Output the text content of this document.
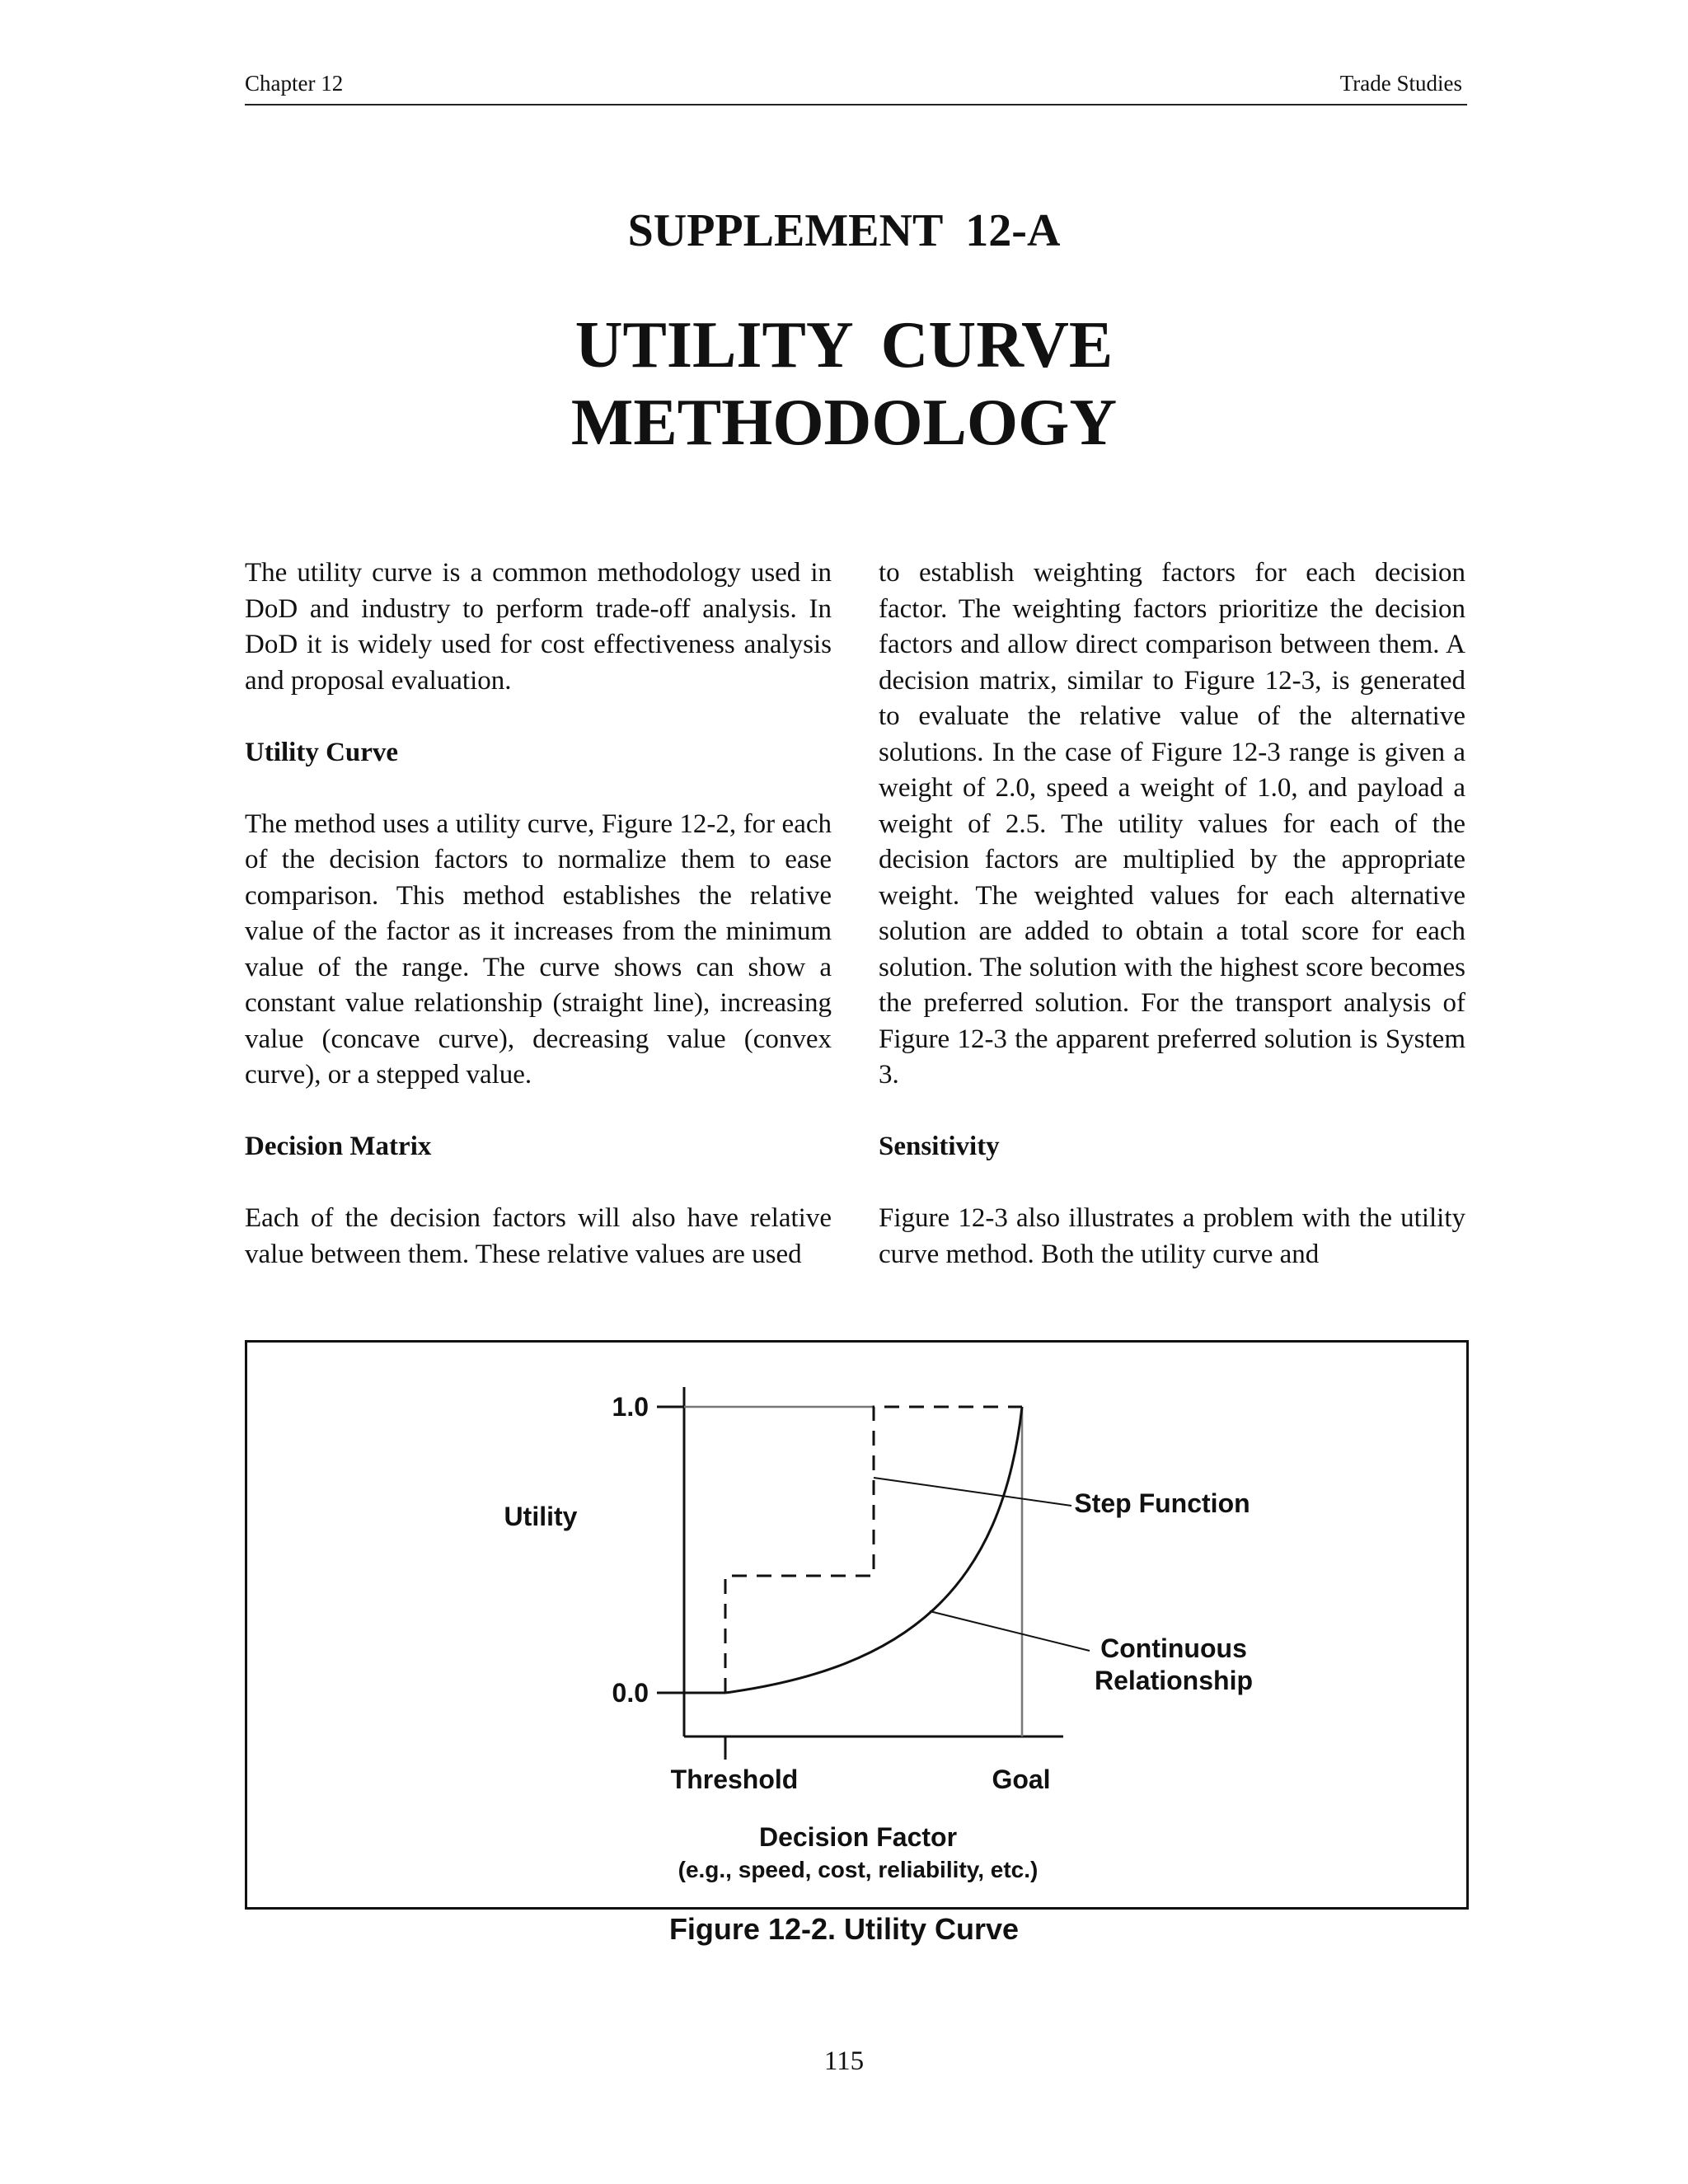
Chapter 12	Trade Studies
SUPPLEMENT 12-A
UTILITY CURVE
METHODOLOGY

The utility curve is a common methodology used in DoD and industry to perform trade-off analysis. In DoD it is widely used for cost effectiveness analysis and proposal evaluation.

Utility Curve

The method uses a utility curve, Figure 12-2, for each of the decision factors to normalize them to ease comparison. This method establishes the relative value of the factor as it increases from the minimum value of the range. The curve shows can show a constant value relationship (straight line), increasing value (concave curve), decreasing value (convex curve), or a stepped value.

Decision Matrix

Each of the decision factors will also have relative value between them. These relative values are used

to establish weighting factors for each decision factor. The weighting factors prioritize the decision factors and allow direct comparison between them. A decision matrix, similar to Figure 12-3, is generated to evaluate the relative value of the alternative solutions. In the case of Figure 12-3 range is given a weight of 2.0, speed a weight of 1.0, and payload a weight of 2.5. The utility values for each of the decision factors are multiplied by the appropriate weight. The weighted values for each alternative solution are added to obtain a total score for each solution. The solution with the highest score becomes the preferred solution. For the transport analysis of Figure 12-3 the apparent preferred solution is System 3.

Sensitivity

Figure 12-3 also illustrates a problem with the utility curve method. Both the utility curve and

1.0
0.0
Utility
Threshold	Goal
Decision Factor
(e.g., speed, cost, reliability, etc.)
Step Function
Continuous
Relationship
Figure 12-2. Utility Curve
115
